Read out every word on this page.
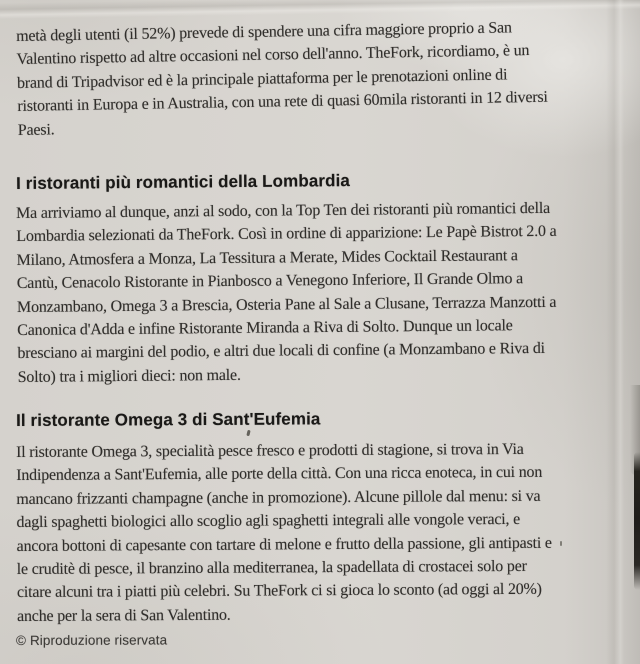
metà degli utenti (il 52%) prevede di spendere una cifra maggiore proprio a San
Valentino rispetto ad altre occasioni nel corso dell'anno. TheFork, ricordiamo, è un
brand di Tripadvisor ed è la principale piattaforma per le prenotazioni online di
ristoranti in Europa e in Australia, con una rete di quasi 60mila ristoranti in 12 diversi
Paesi.
I ristoranti più romantici della Lombardia
Ma arriviamo al dunque, anzi al sodo, con la Top Ten dei ristoranti più romantici della
Lombardia selezionati da TheFork. Così in ordine di apparizione: Le Papè Bistrot 2.0 a
Milano, Atmosfera a Monza, La Tessitura a Merate, Mides Cocktail Restaurant a
Cantù, Cenacolo Ristorante in Pianbosco a Venegono Inferiore, Il Grande Olmo a
Monzambano, Omega 3 a Brescia, Osteria Pane al Sale a Clusane, Terrazza Manzotti a
Canonica d'Adda e infine Ristorante Miranda a Riva di Solto. Dunque un locale
bresciano ai margini del podio, e altri due locali di confine (a Monzambano e Riva di
Solto) tra i migliori dieci: non male.
Il ristorante Omega 3 di Sant'Eufemia
Il ristorante Omega 3, specialità pesce fresco e prodotti di stagione, si trova in Via
Indipendenza a Sant'Eufemia, alle porte della città. Con una ricca enoteca, in cui non
mancano frizzanti champagne (anche in promozione). Alcune pillole dal menu: si va
dagli spaghetti biologici allo scoglio agli spaghetti integrali alle vongole veraci, e
ancora bottoni di capesante con tartare di melone e frutto della passione, gli antipasti e
le cruditè di pesce, il branzino alla mediterranea, la spadellata di crostacei solo per
citare alcuni tra i piatti più celebri. Su TheFork ci si gioca lo sconto (ad oggi al 20%)
anche per la sera di San Valentino.
© Riproduzione riservata
